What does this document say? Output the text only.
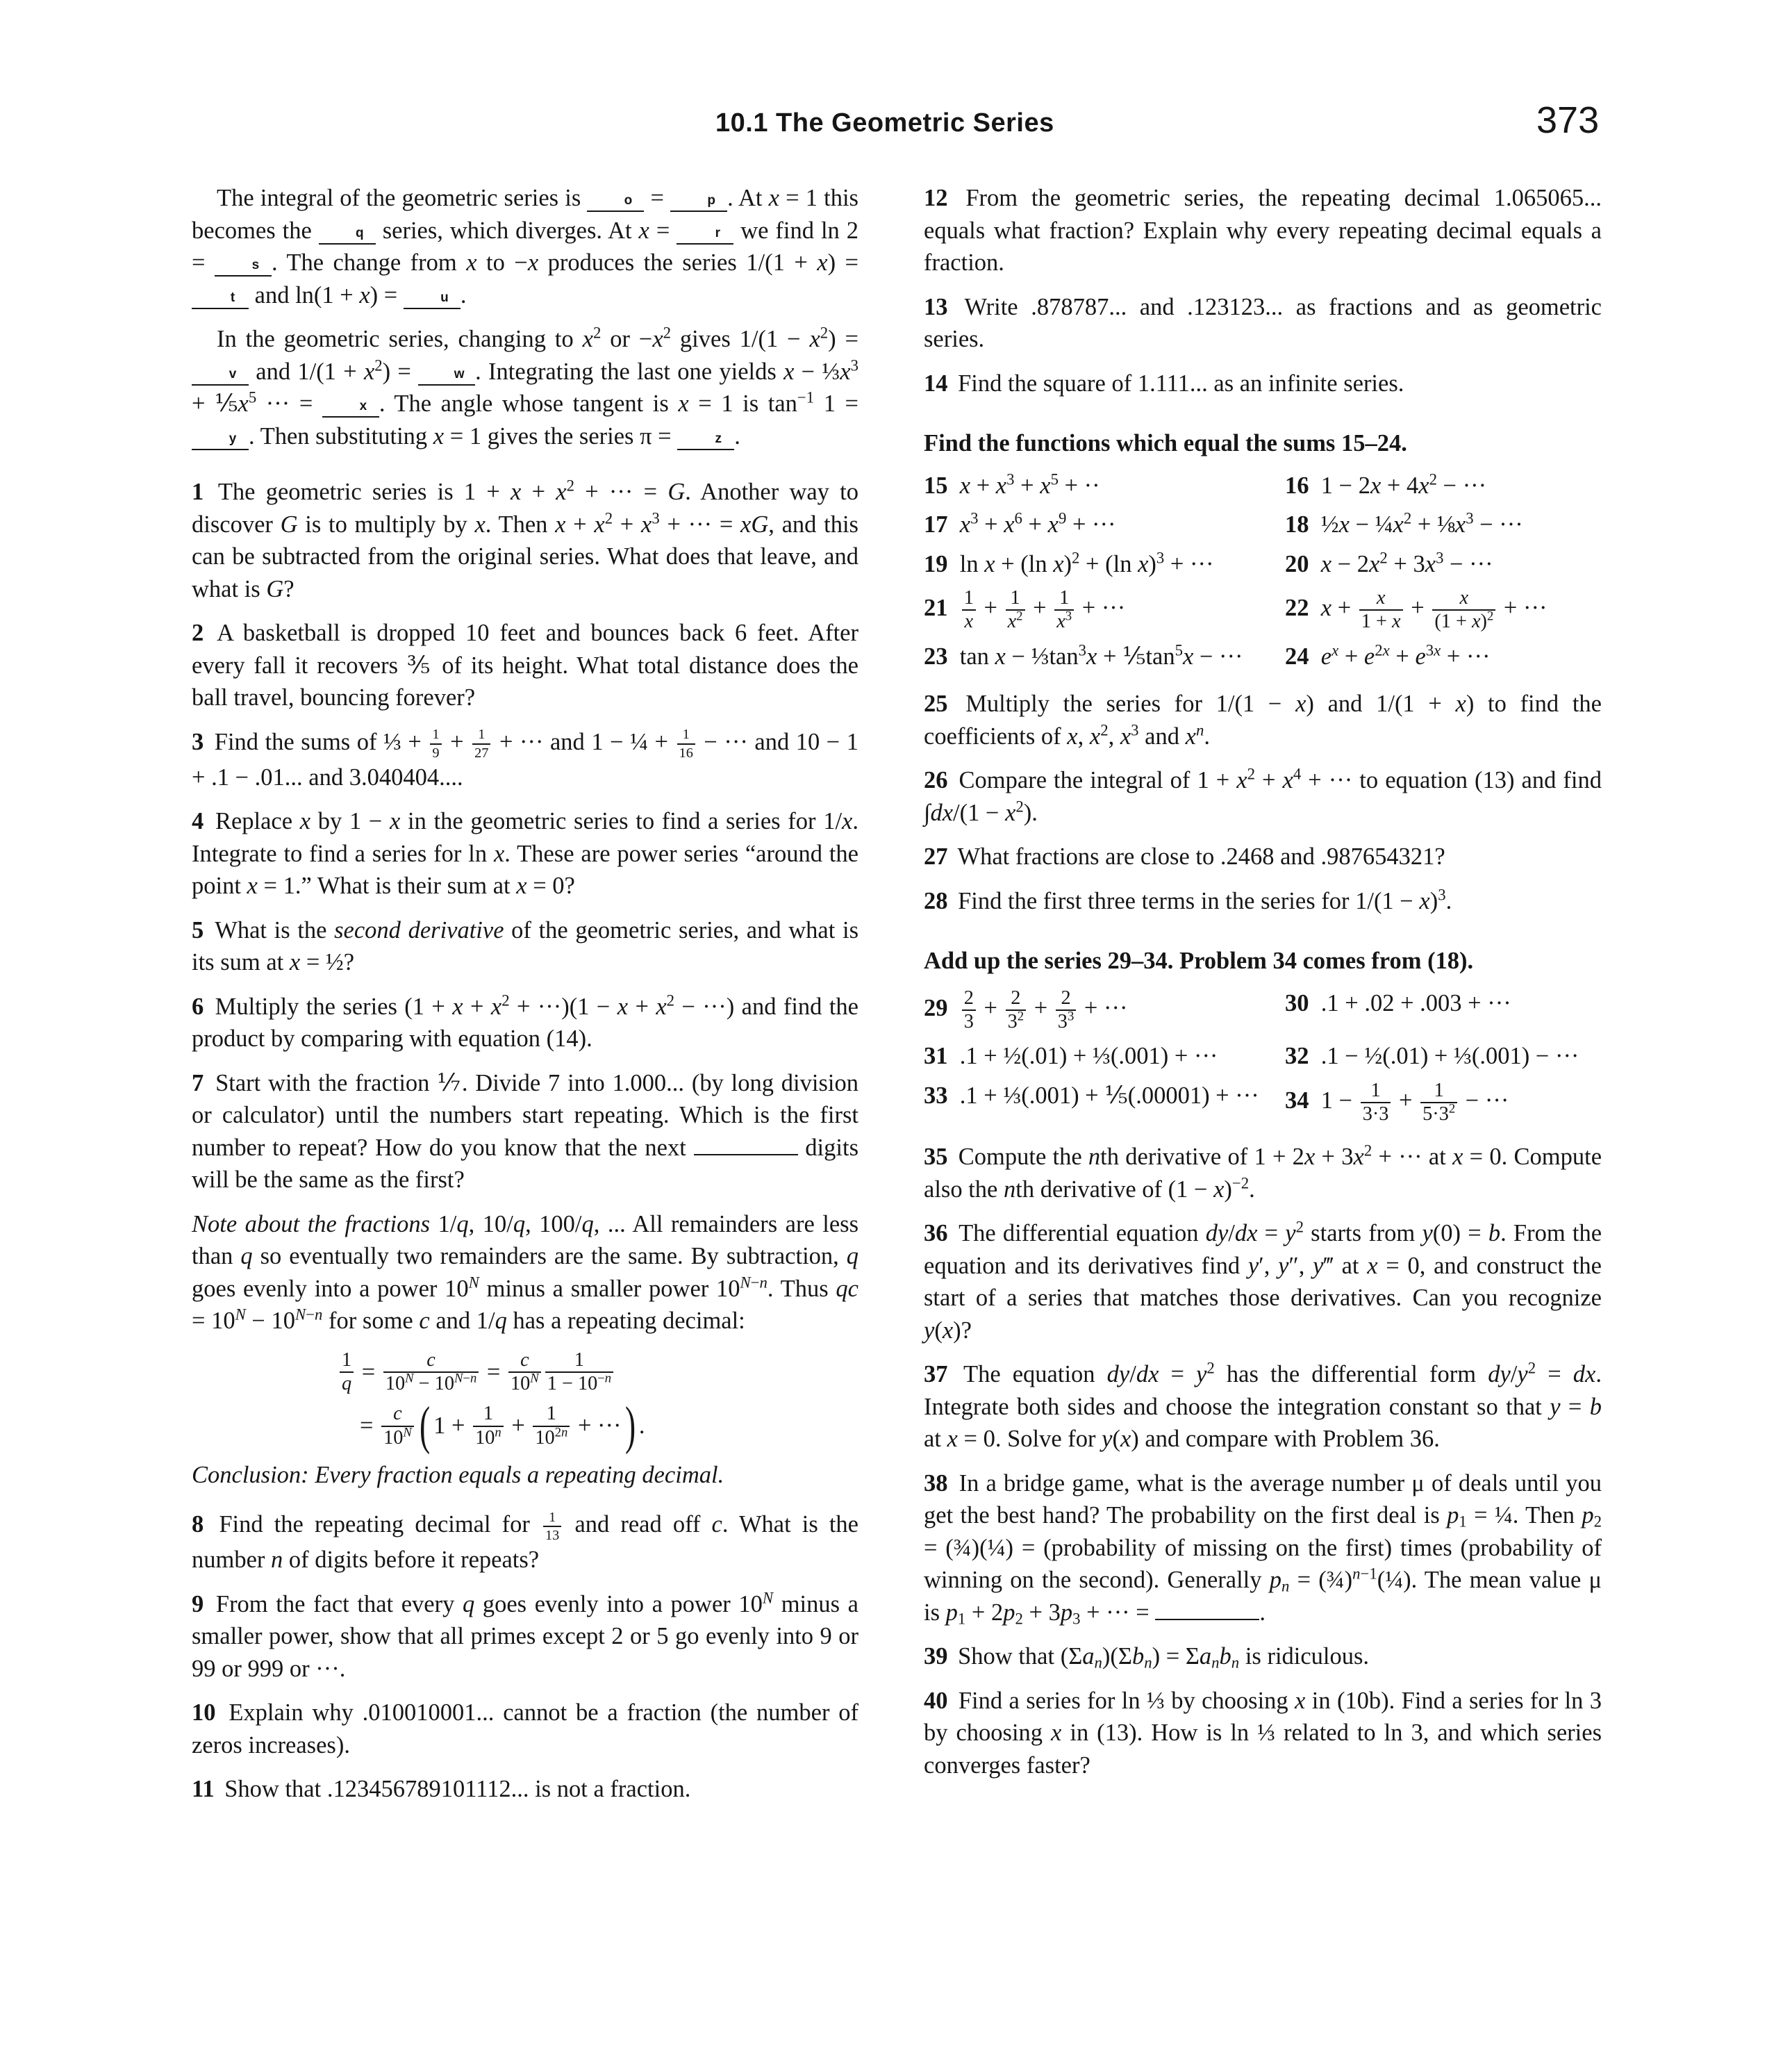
10.1 The Geometric Series	373

The integral of the geometric series is	o =	p . At x = 1 this becomes the	q series, which diverges. At x =	r we find ln 2 =	s . The change from x to −x produces the series 1/(1 + x) = t and ln(1 + x) =	u .

In the geometric series, changing to $x^2$ or $-x^2$ gives $1/(1 - x^2) = v$ and $1/(1 + x^2)$ =	w . Integrating the last one yields $x - \frac{1}{3}x^3$ + $\frac{1}{5}x^5$ ··· =	x . The angle whose tangent is x = 1 is $\tan^{-1} 1 = y$ . Then substituting x = 1 gives the series π =	z .

1 The geometric series is $1 + x + x^2$ + ··· = G. Another way to discover G is to multiply by x. Then $x + x^2 + x^3$ + ··· = xG, and this can be subtracted from the original series. What does that leave, and what is G?

2 A basketball is dropped 10 feet and bounces back 6 feet. After every fall it recovers ⅗ of its height. What total distance does the ball travel, bouncing forever?

3 Find the sums of ⅓ + $\frac{1}{9} + \frac{1}{27}$ + ··· and 1 − ¼ + $\frac{1}{16}$ − ··· and 10 − 1 + .1 − .01... and 3.040404....

4 Replace x by 1 − x in the geometric series to find a series for 1/x. Integrate to find a series for ln x. These are power series “around the point x = 1.” What is their sum at x = 0?

5 What is the second derivative of the geometric series, and what is its sum at x = ½?

6 Multiply the series $(1 + x + x^2 + \cdot\cdot\cdot)(1 - x + x^2$ − ···) and find the product by comparing with equation (14).

7 Start with the fraction ⅐. Divide 7 into 1.000... (by long division or calculator) until the numbers start repeating. Which is the first number to repeat? How do you know that the next	digits will be the same as the first?

Note about the fractions 1/q, 10/q, 100/q, ... All remainders are less than q so eventually two remainders are the same. By subtraction, q goes evenly into a power $10^N$ minus a smaller power $10^{N-n}$. Thus qc = $10^N - 10^{N-n}$ for some c and 1/q has a repeating decimal:

$\frac{1}{q} = \frac{c}{10^N - 10^{N-n}} = \frac{c}{10^N} \frac{1}{1 - 10^{-n}}$
= $\frac{c}{10^N}$ ( $1 + \frac{1}{10^n} + \frac{1}{10^{2n}}$ + ··· ) .

Conclusion: Every fraction equals a repeating decimal.

8 Find the repeating decimal for $\frac{1}{13}$ and read off c. What is the number n of digits before it repeats?

9 From the fact that every q goes evenly into a power $10^N$ minus a smaller power, show that all primes except 2 or 5 go evenly into 9 or 99 or 999 or ···.

10 Explain why .010010001... cannot be a fraction (the number of zeros increases).

11 Show that .123456789101112... is not a fraction.

12 From the geometric series, the repeating decimal 1.065065... equals what fraction? Explain why every repeating decimal equals a fraction.

13 Write .878787... and .123123... as fractions and as geometric series.

14 Find the square of 1.111... as an infinite series.

Find the functions which equal the sums 15–24.
15 $x + x^3 + x^5$ + ··	16  $1 - 2x + 4x^2$ − ···
17 $x^3 + x^6 + x^9$ + ···	18  ½x − $\frac{1}{4}x^2$ + $\frac{1}{8}x^3$ − ···
19  ln x + (ln x)$^2$ + (ln x)$^3$ + ···	20 $x - 2x^2 + 3x^3$ − ···
$21 \frac{1}{x} + \frac{1}{x^2} + \frac{1}{x^3}$ + ···	22 $x + \frac{x}{1 + x} + \frac{x}{(1 + x)^2}$ + ···
23  $\tan x - \frac{1}{3}\tan^3x$ + $\frac{1}{5}\tan^5x$ − ···	24 $e^x + e^{2x} + e^{3x}$ + ···

25 Multiply the series for 1/(1 − x) and 1/(1 + x) to find the coefficients of x, $x^2$, $x^3$ and $x^n$.

26 Compare the integral of $1 + x^2 + x^4$ + ··· to equation (13) and find $\int dx/(1 - x^2)$.

27 What fractions are close to .2468 and .987654321?

28 Find the first three terms in the series for $1/(1 - x)^3$.

Add up the series 29–34. Problem 34 comes from (18).
$29 \frac{2}{3} + \frac{2}{3^2} + \frac{2}{3^3}$ + ···	30  .1 + .02 + .003 + ···
31  .1 + ½(.01) + ⅓(.001) + ···	32  .1 − ½(.01) + ⅓(.001) − ···
33  .1 + ⅓(.001) + ⅕(.00001) + ···	34  $1 - \frac{1}{3\cdot 3} + \frac{1}{5\cdot 3^2}$ − ···

35 Compute the nth derivative of $1 + 2x + 3x^2$ + ··· at x = 0. Compute also the nth derivative of $(1 - x)^{-2}$.

36 The differential equation $dy/dx = y^2$ starts from y(0) = b. From the equation and its derivatives find y′, y″, y‴ at x = 0, and construct the start of a series that matches those derivatives. Can you recognize y(x)?

37 The equation $dy/dx = y^2$ has the differential form $dy/y^2$ = dx. Integrate both sides and choose the integration constant so that y = b at x = 0. Solve for y(x) and compare with Problem 36.

38 In a bridge game, what is the average number μ of deals until you get the best hand? The probability on the first deal is $p_1$ = ¼. Then $p_2$ = (¾)(¼) = (probability of missing on the first) times (probability of winning on the second). Generally $p_n$ = (¾)$^{n-1}$(¼). The mean value μ is $p_1 + 2p_2 + 3p_3$ + ··· =	.

39 Show that $(\Sigma a_n)(\Sigma b_n) = \Sigma a_nb_n$ is ridiculous.

40 Find a series for ln ⅓ by choosing x in (10b). Find a series for ln 3 by choosing x in (13). How is ln ⅓ related to ln 3, and which series converges faster?
